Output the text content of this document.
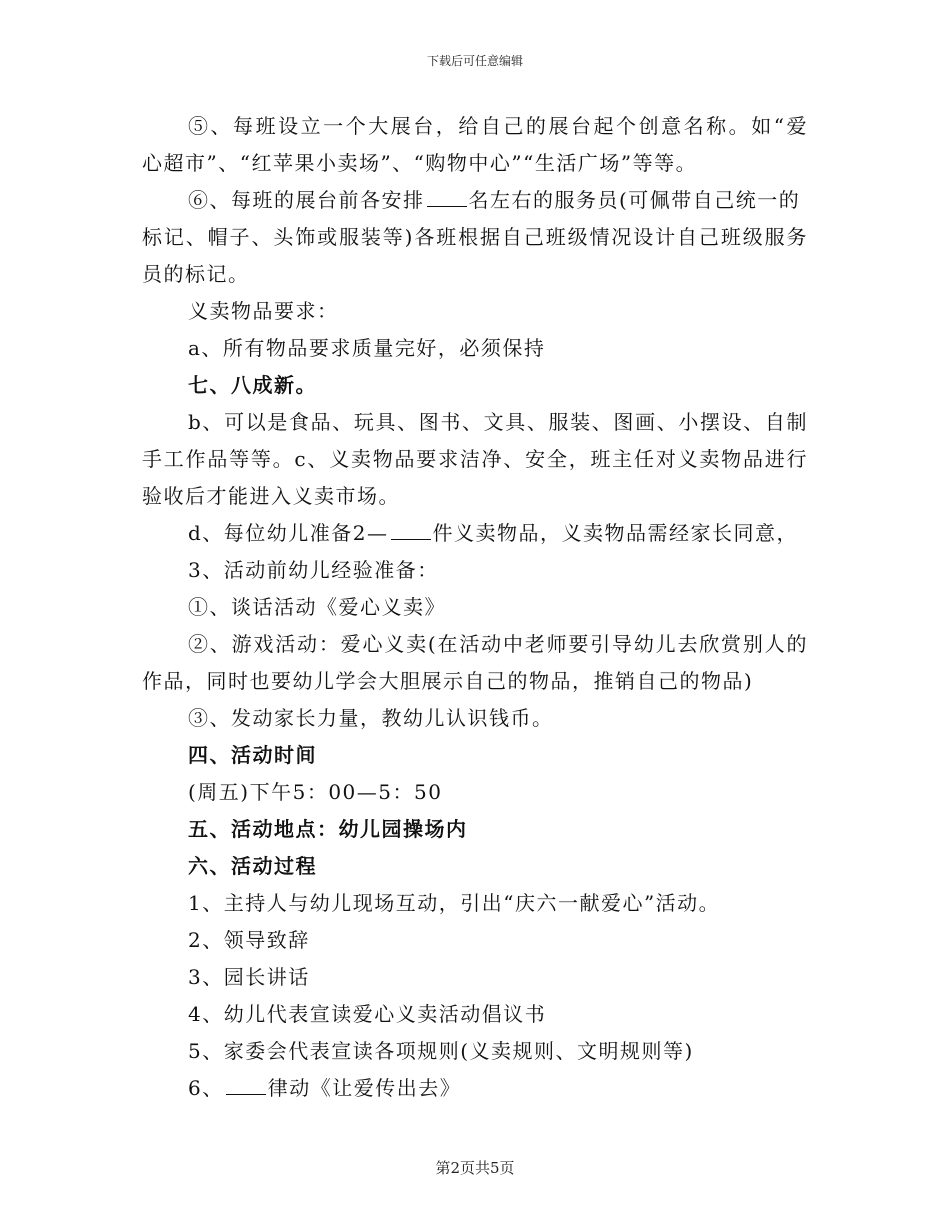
下载后可任意编辑
⑤、每班设立一个大展台，给自己的展台起个创意名称。如“爱
心超市”、“红苹果小卖场”、“购物中心”“生活广场”等等。
⑥、每班的展台前各安排 名左右的服务员(可佩带自己统一的
标记、帽子、头饰或服装等)各班根据自己班级情况设计自己班级服务
员的标记。
义卖物品要求：
a、所有物品要求质量完好，必须保持
七、八成新。
b、可以是食品、玩具、图书、文具、服装、图画、小摆设、自制
手工作品等等。c、义卖物品要求洁净、安全，班主任对义卖物品进行
验收后才能进入义卖市场。
d、每位幼儿准备2— 件义卖物品，义卖物品需经家长同意，
3、活动前幼儿经验准备：
①、谈话活动《爱心义卖》
②、游戏活动：爱心义卖(在活动中老师要引导幼儿去欣赏别人的
作品，同时也要幼儿学会大胆展示自己的物品，推销自己的物品)
③、发动家长力量，教幼儿认识钱币。
四、活动时间
(周五)下午5：00—5：50
五、活动地点：幼儿园操场内
六、活动过程
1、主持人与幼儿现场互动，引出“庆六一献爱心”活动。
2、领导致辞
3、园长讲话
4、幼儿代表宣读爱心义卖活动倡议书
5、家委会代表宣读各项规则(义卖规则、文明规则等)
6、 律动《让爱传出去》
第2页共5页
